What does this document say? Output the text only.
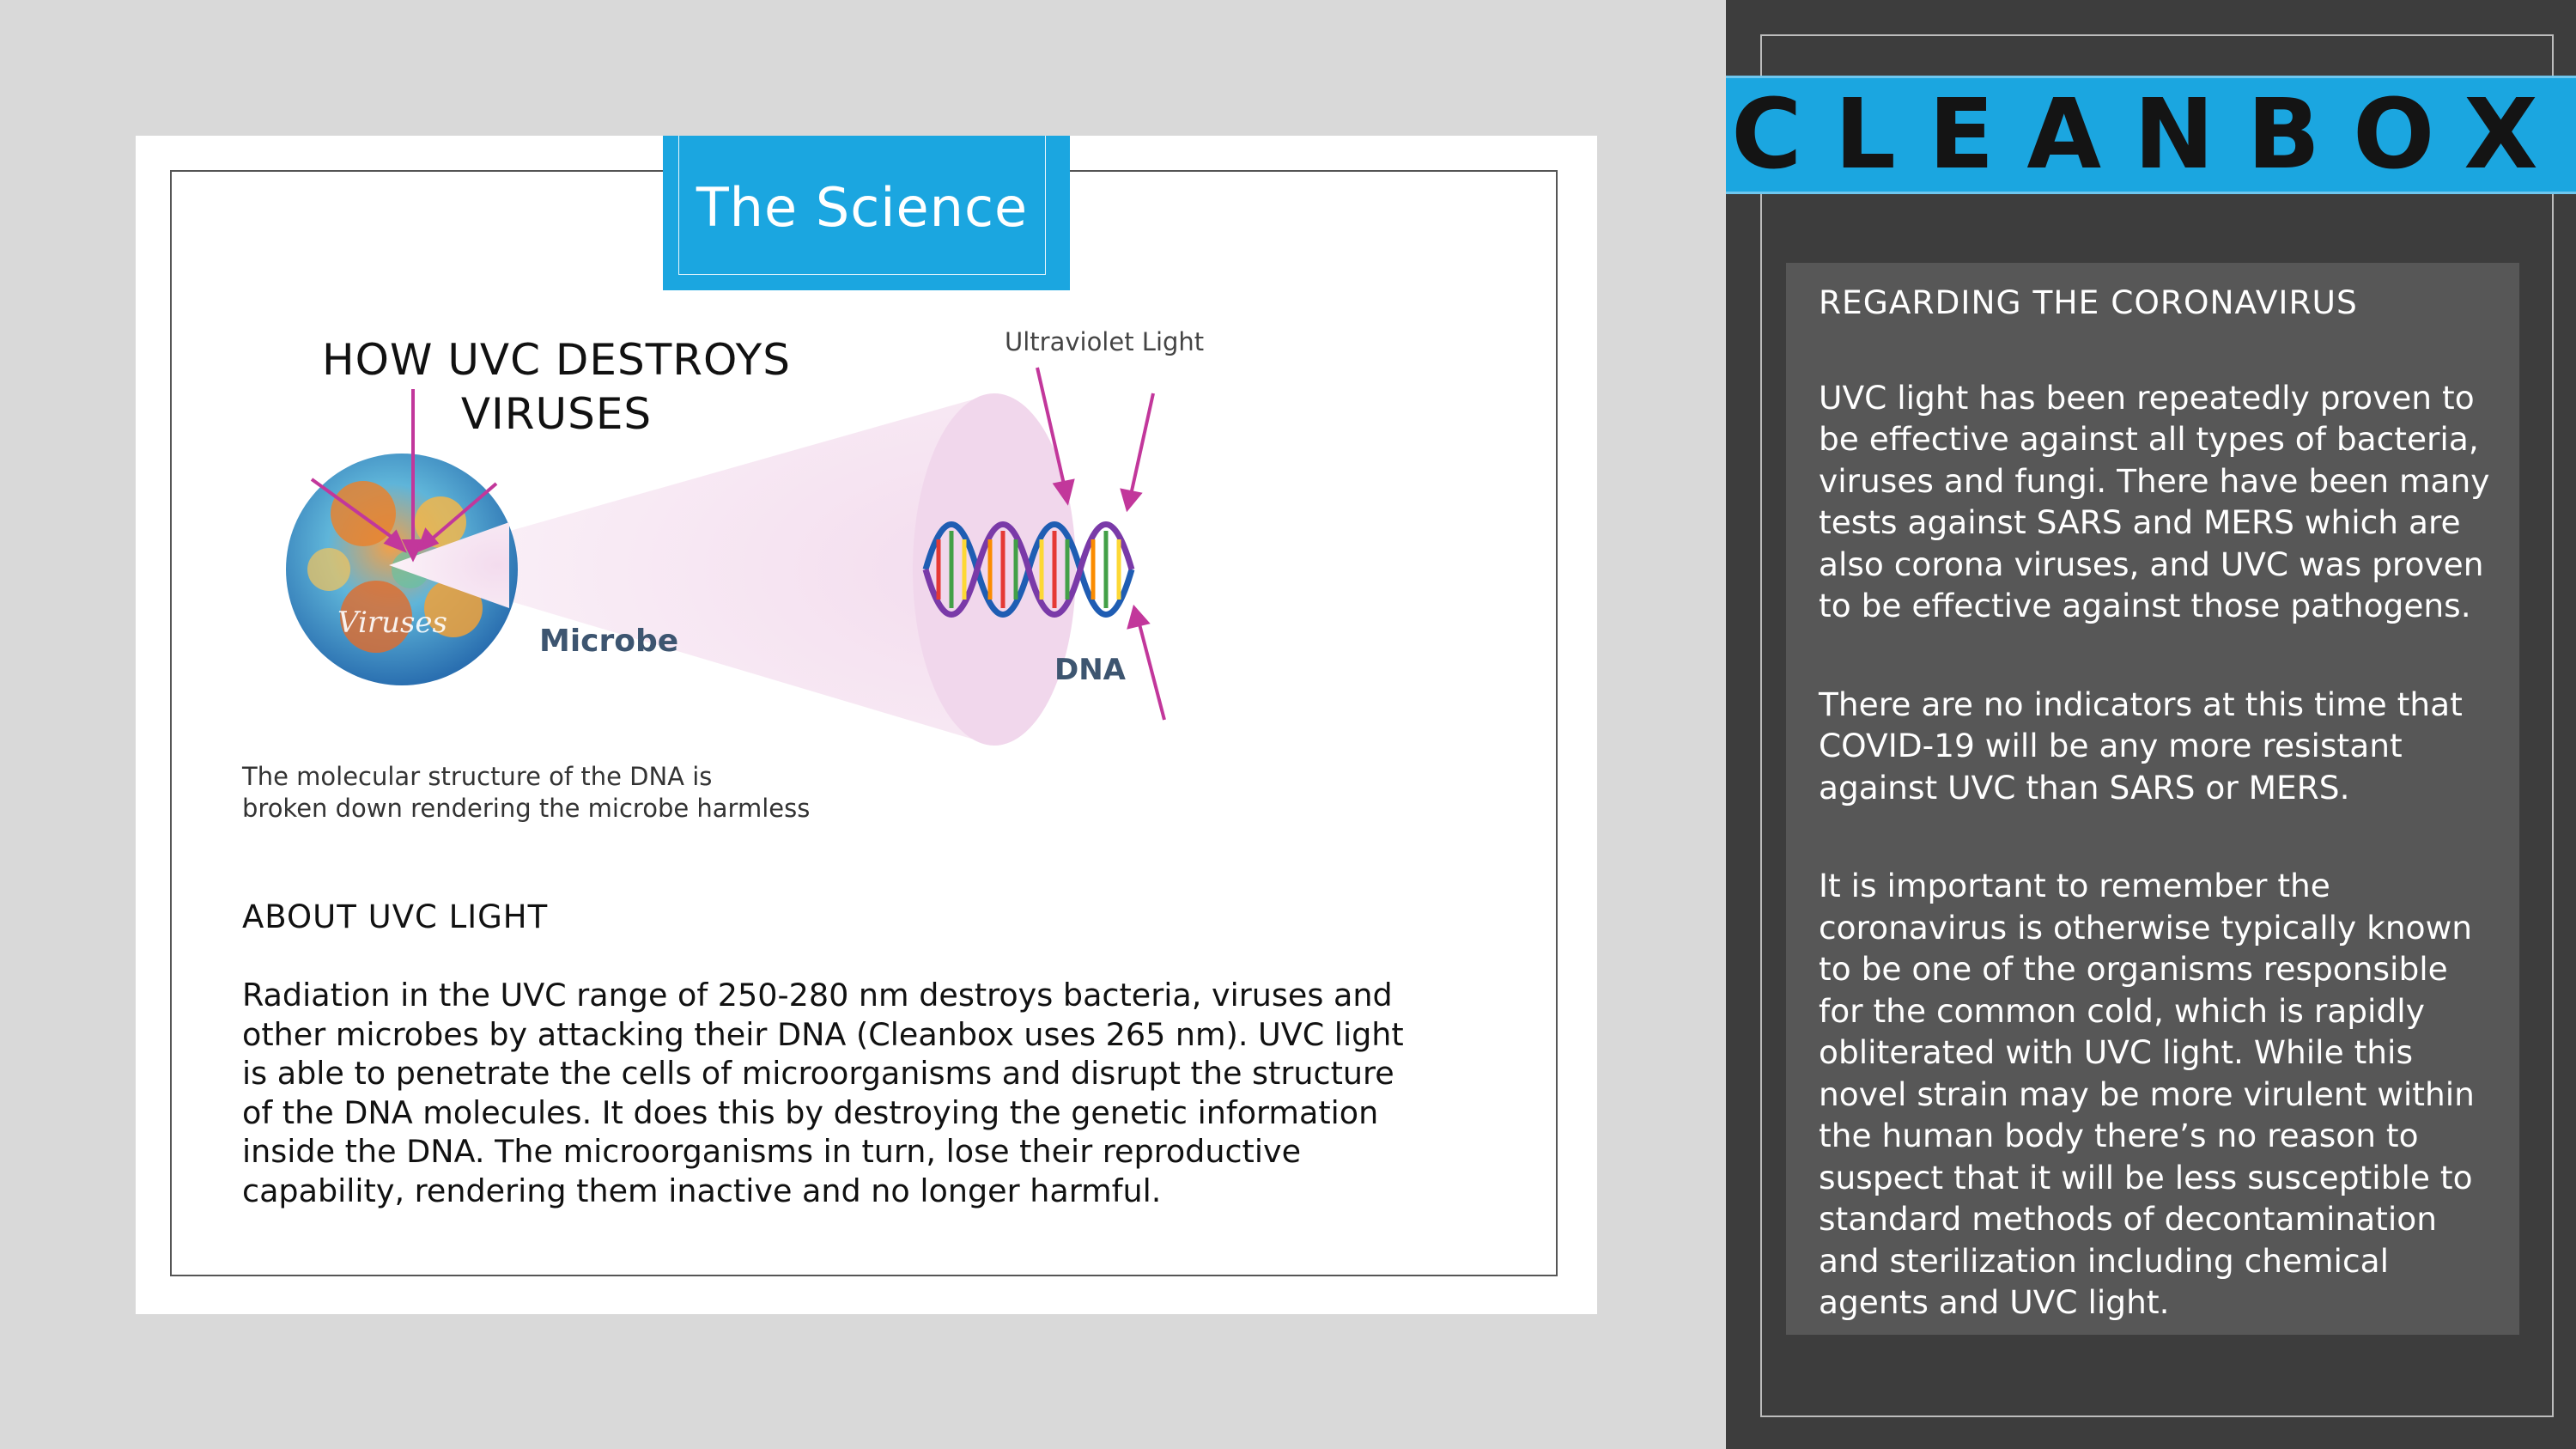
The Science
HOW UVC DESTROYS
VIRUSES
Viruses
Ultraviolet Light
DNA
Microbe
The molecular structure of the DNA is
broken down rendering the microbe harmless
ABOUT UVC LIGHT
Radiation in the UVC range of 250-280 nm destroys bacteria, viruses and
other microbes by attacking their DNA (Cleanbox uses 265 nm). UVC light
is able to penetrate the cells of microorganisms and disrupt the structure
of the DNA molecules. It does this by destroying the genetic information
inside the DNA. The microorganisms in turn, lose their reproductive
capability, rendering them inactive and no longer harmful.
CLEANBOX
REGARDING THE CORONAVIRUS
UVC light has been repeatedly proven to
be effective against all types of bacteria,
viruses and fungi. There have been many
tests against SARS and MERS which are
also corona viruses, and UVC was proven
to be effective against those pathogens.
There are no indicators at this time that
COVID-19 will be any more resistant
against UVC than SARS or MERS.
It is important to remember the
coronavirus is otherwise typically known
to be one of the organisms responsible
for the common cold, which is rapidly
obliterated with UVC light. While this
novel strain may be more virulent within
the human body there’s no reason to
suspect that it will be less susceptible to
standard methods of decontamination
and sterilization including chemical
agents and UVC light.
